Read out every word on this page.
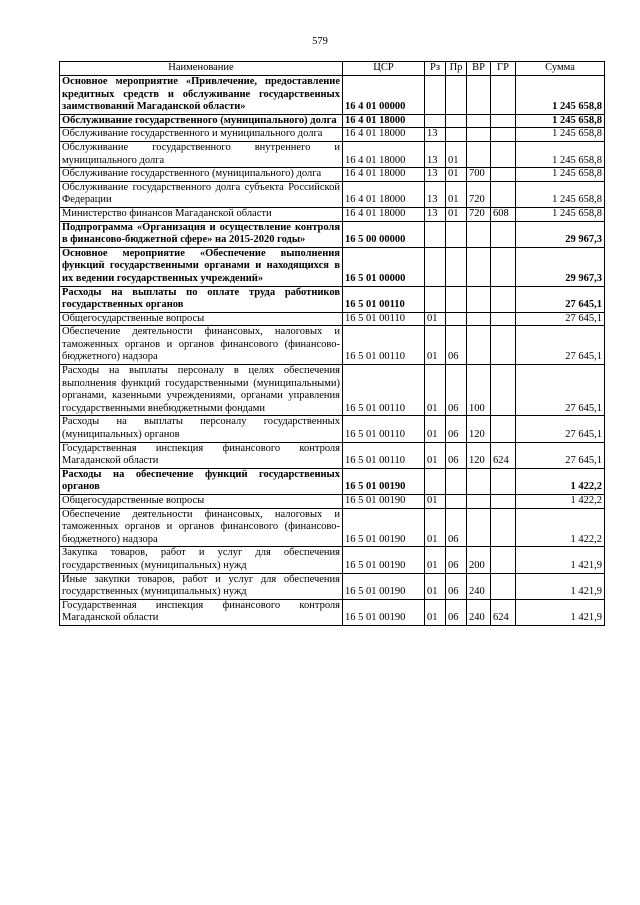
579
Наименование	ЦСР	Рз	Пр	ВР	ГР	Сумма
Основное мероприятие «Привлечение, предоставление кредитных средств и обслуживание государственных заимствований Магаданской области»	16 4 01 00000					1 245 658,8
Обслуживание государственного (муниципального) долга	16 4 01 18000					1 245 658,8
Обслуживание государственного и муниципального долга	16 4 01 18000	13				1 245 658,8
Обслуживание государственного внутреннего и муниципального долга	16 4 01 18000	13	01			1 245 658,8
Обслуживание государственного (муниципального) долга	16 4 01 18000	13	01	700		1 245 658,8
Обслуживание государственного долга субъекта Российской Федерации	16 4 01 18000	13	01	720		1 245 658,8
Министерство финансов Магаданской области	16 4 01 18000	13	01	720	608	1 245 658,8
Подпрограмма «Организация и осуществление контроля в финансово-бюджетной сфере» на 2015-2020 годы»	16 5 00 00000					29 967,3
Основное мероприятие «Обеспечение выполнения функций государственными органами и находящихся в их ведении государственных учреждений»	16 5 01 00000					29 967,3
Расходы на выплаты по оплате труда работников государственных органов	16 5 01 00110					27 645,1
Общегосударственные вопросы	16 5 01 00110	01				27 645,1
Обеспечение деятельности финансовых, налоговых и таможенных органов и органов финансового (финансово-бюджетного) надзора	16 5 01 00110	01	06			27 645,1
Расходы на выплаты персоналу в целях обеспечения выполнения функций государственными (муниципальными) органами, казенными учреждениями, органами управления государственными внебюджетными фондами	16 5 01 00110	01	06	100		27 645,1
Расходы на выплаты персоналу государственных (муниципальных) органов	16 5 01 00110	01	06	120		27 645,1
Государственная инспекция финансового контроля Магаданской области	16 5 01 00110	01	06	120	624	27 645,1
Расходы на обеспечение функций государственных органов	16 5 01 00190					1 422,2
Общегосударственные вопросы	16 5 01 00190	01				1 422,2
Обеспечение деятельности финансовых, налоговых и таможенных органов и органов финансового (финансово-бюджетного) надзора	16 5 01 00190	01	06			1 422,2
Закупка товаров, работ и услуг для обеспечения государственных (муниципальных) нужд	16 5 01 00190	01	06	200		1 421,9
Иные закупки товаров, работ и услуг для обеспечения государственных (муниципальных) нужд	16 5 01 00190	01	06	240		1 421,9
Государственная инспекция финансового контроля Магаданской области	16 5 01 00190	01	06	240	624	1 421,9
